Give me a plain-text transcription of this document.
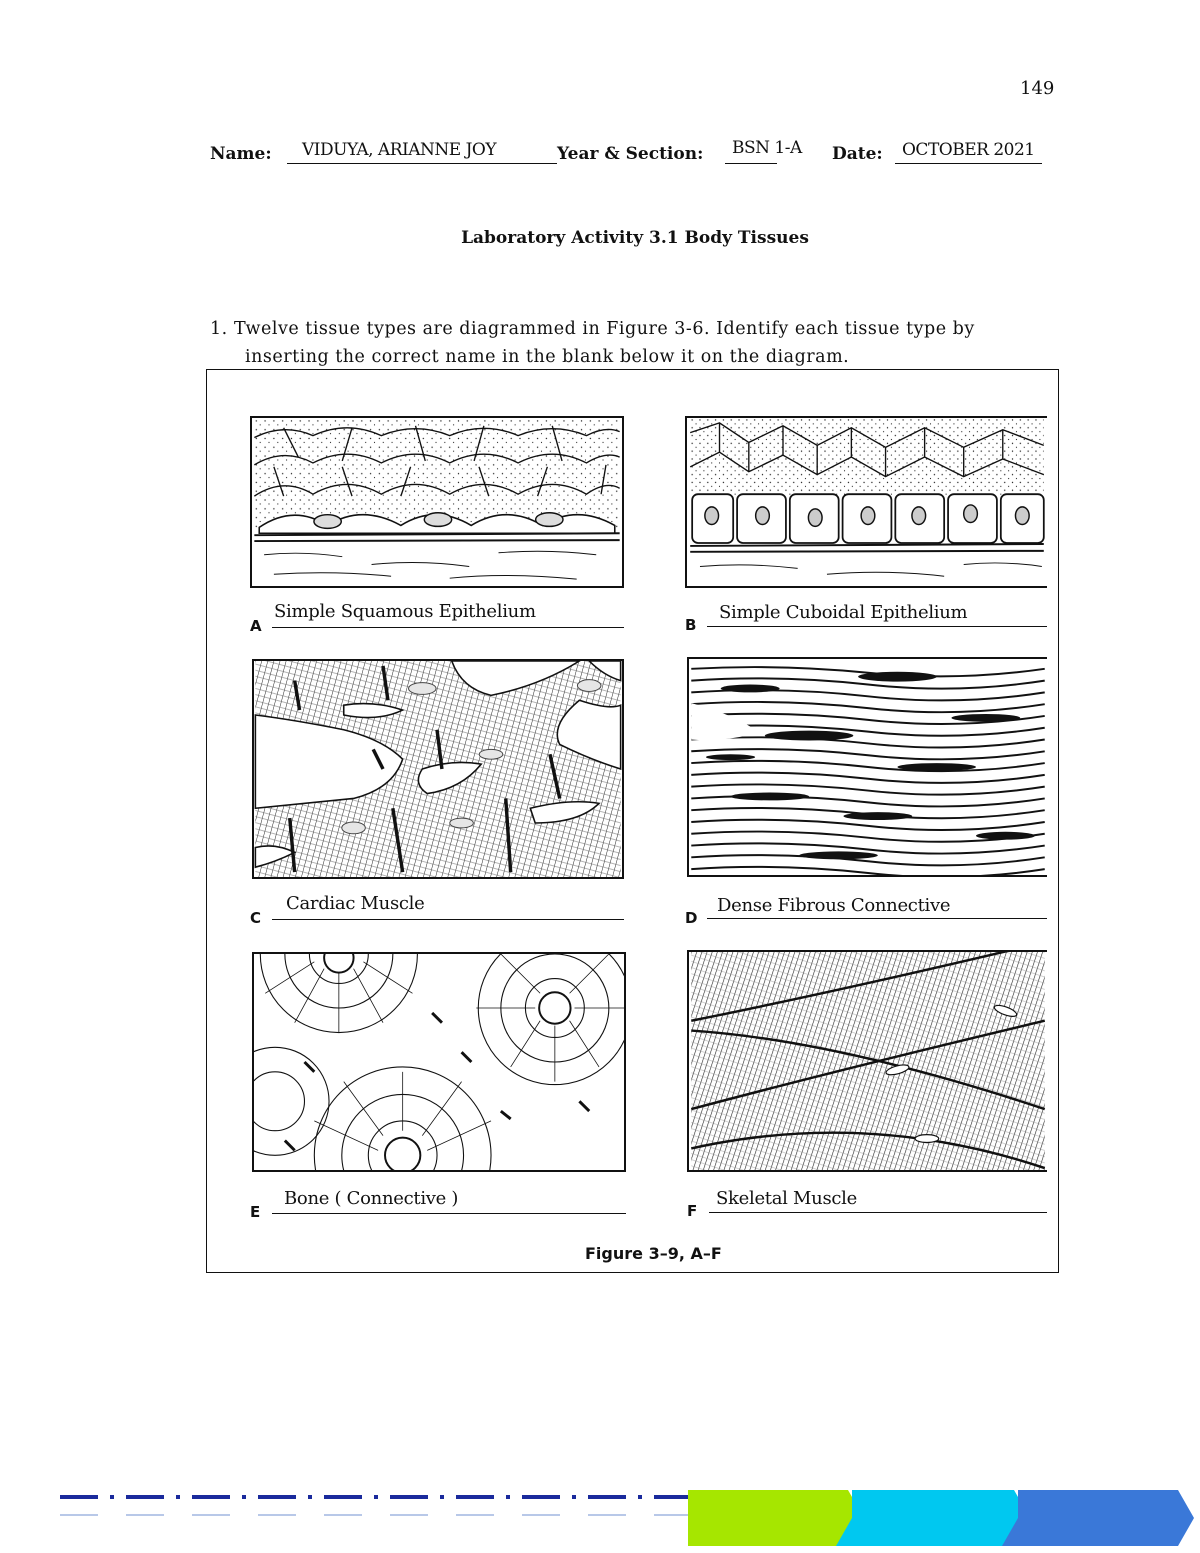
149
Name: VIDUYA, ARIANNE JOY	Year & Section: BSN 1-A Date: OCTOBER 2021
Laboratory Activity 3.1 Body Tissues
1. Twelve tissue types are diagrammed in Figure 3-6. Identify each tissue type by
inserting the correct name in the blank below it on the diagram.
A
Simple Squamous Epithelium
B
Simple Cuboidal Epithelium
C
Cardiac Muscle
D
Dense Fibrous Connective
E
Bone ( Connective )
F
Skeletal Muscle
Figure 3–9, A–F
